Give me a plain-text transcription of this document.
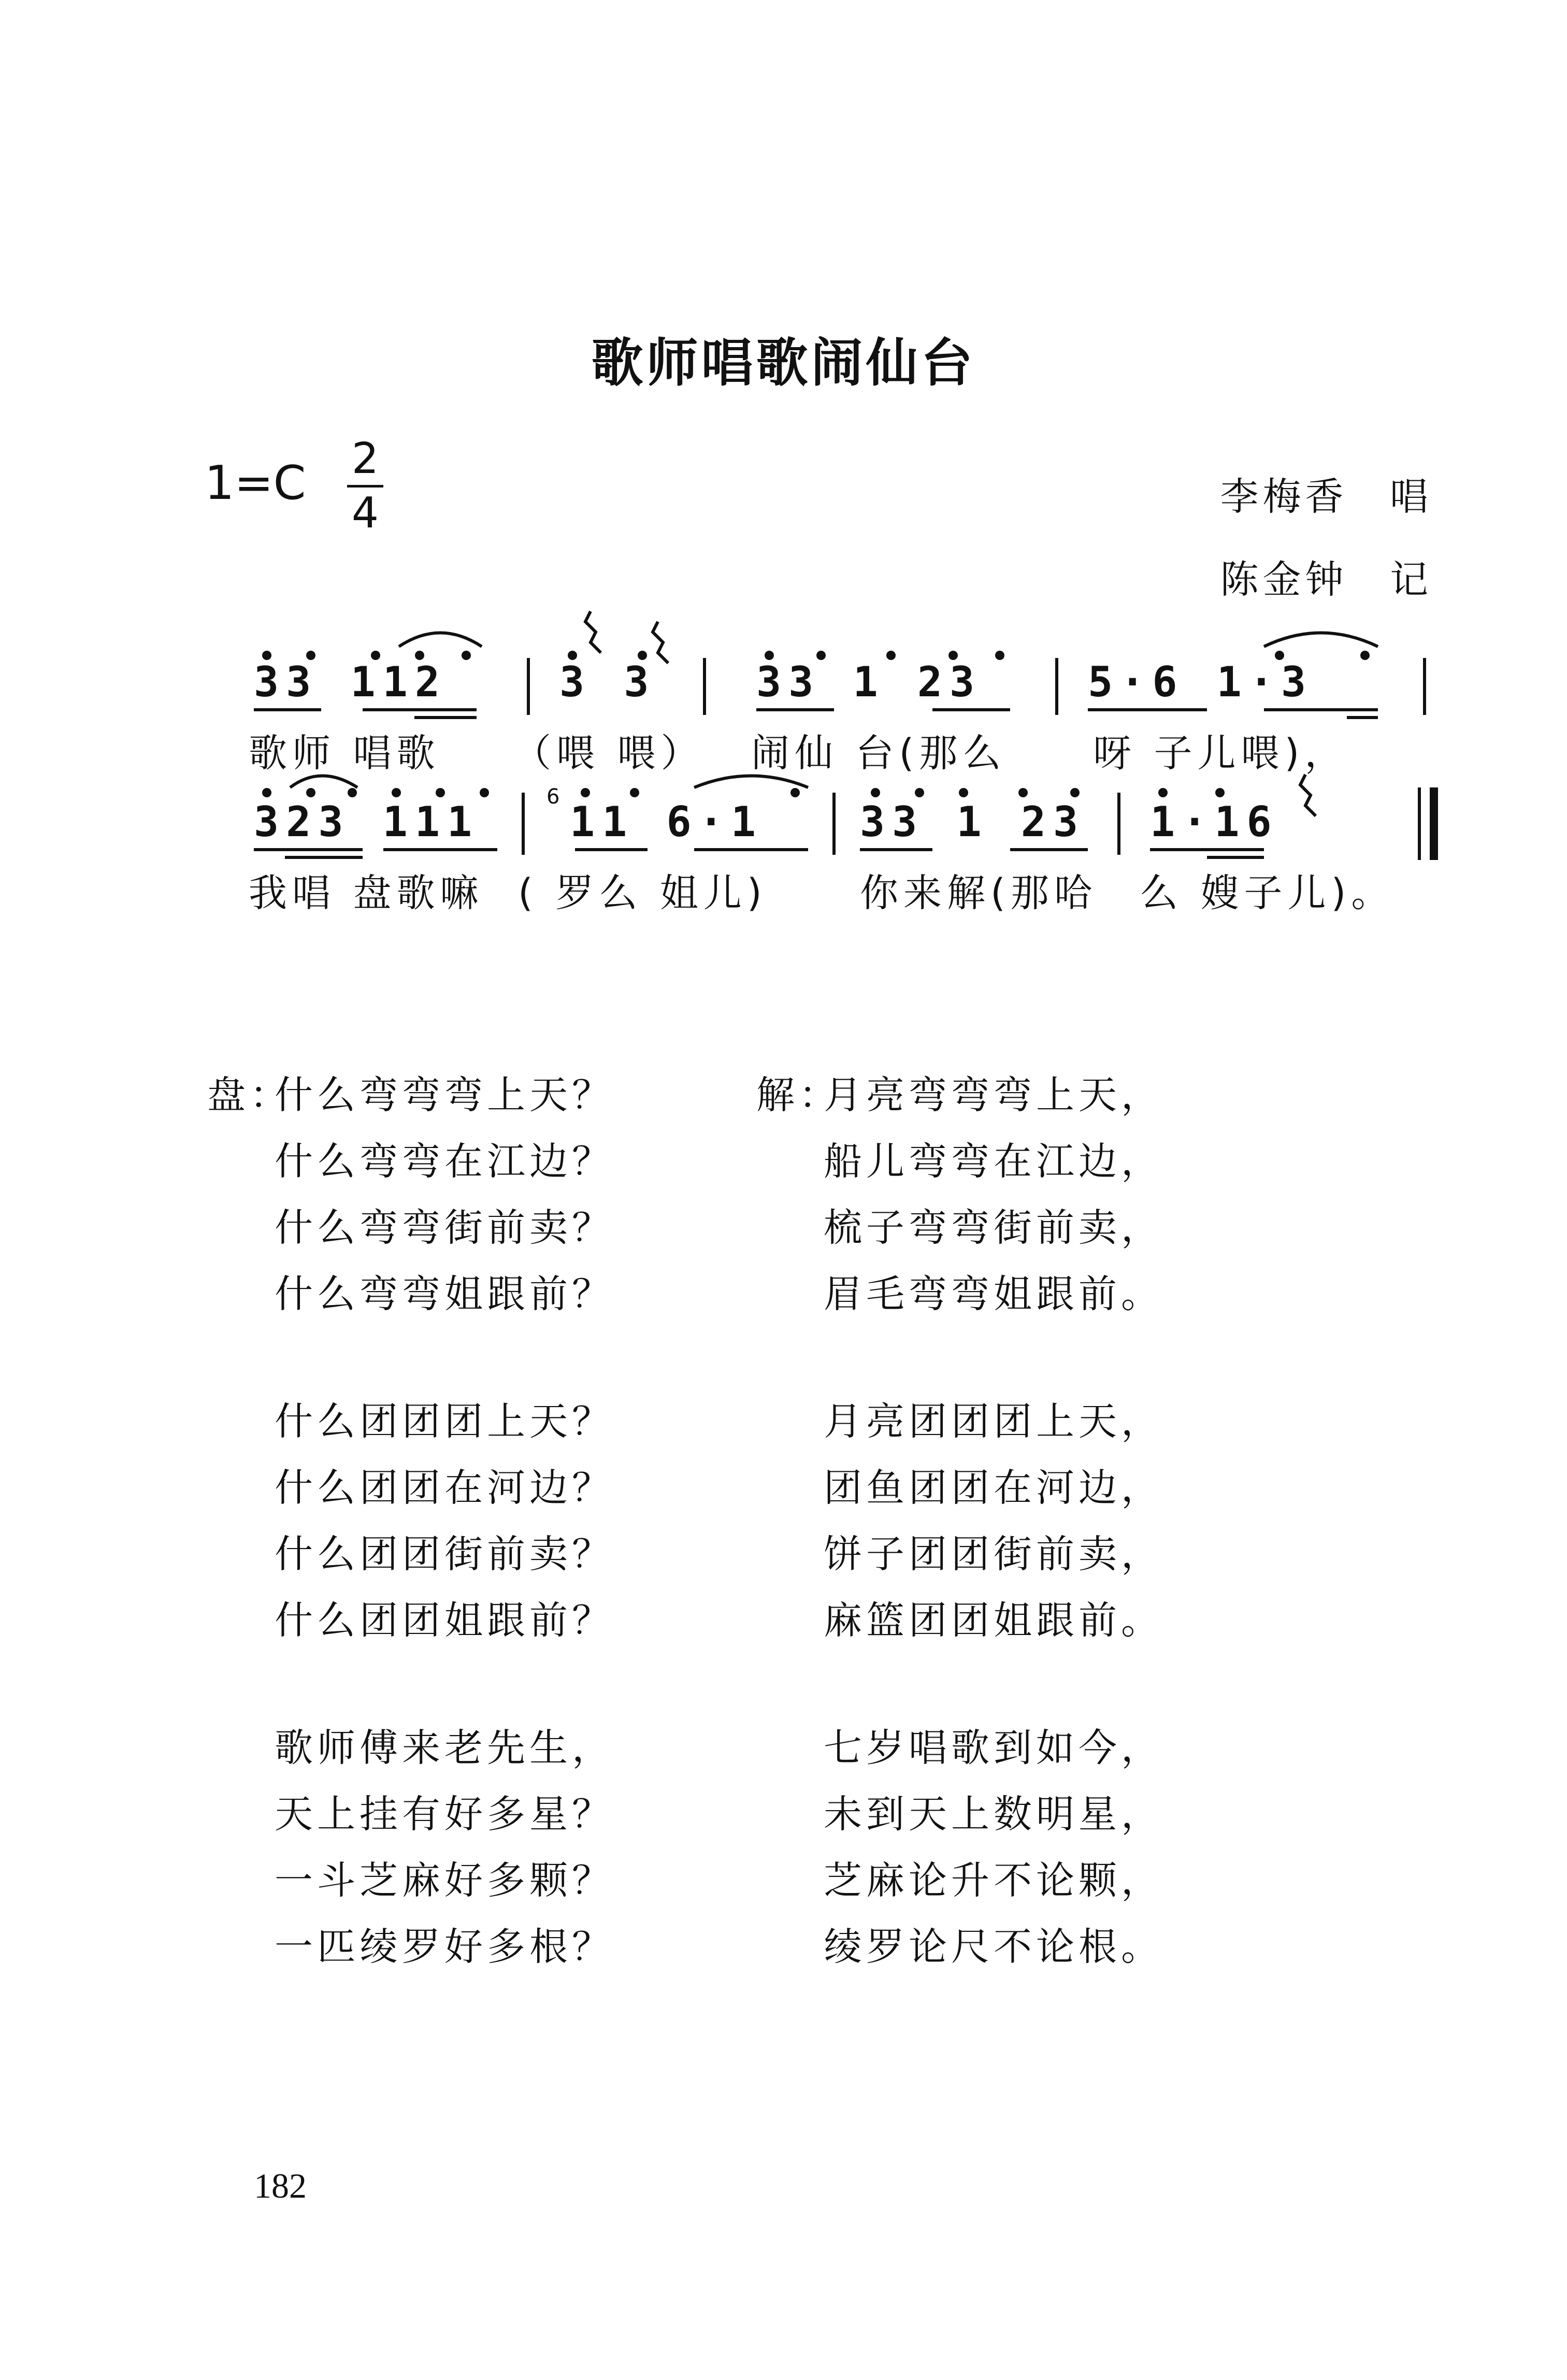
歌师唱歌闹仙台
1=C 2
4	李梅香 唱
陈金钟 记
33 112	3 3 33 1 23	5·6 1·3
歌师 唱歌 （喂 喂） 闹仙 台(那么 呀 子儿喂)，
323 111
6
11 6·1 33 1 23 1·16
我唱 盘歌嘛 ( 罗么 姐儿) 你来解(那哈 么 嫂子儿)。
盘：
什么弯弯弯上天？
什么弯弯在江边？
什么弯弯街前卖？
什么弯弯姐跟前？
解：
月亮弯弯弯上天，
船儿弯弯在江边，
梳子弯弯街前卖，
眉毛弯弯姐跟前。
什么团团团上天？
什么团团在河边？
什么团团街前卖？
什么团团姐跟前？
月亮团团团上天，
团鱼团团在河边，
饼子团团街前卖，
麻篮团团姐跟前。
歌师傅来老先生，
天上挂有好多星？
一斗芝麻好多颗？
一匹绫罗好多根？
七岁唱歌到如今，
未到天上数明星，
芝麻论升不论颗，
绫罗论尺不论根。
182
